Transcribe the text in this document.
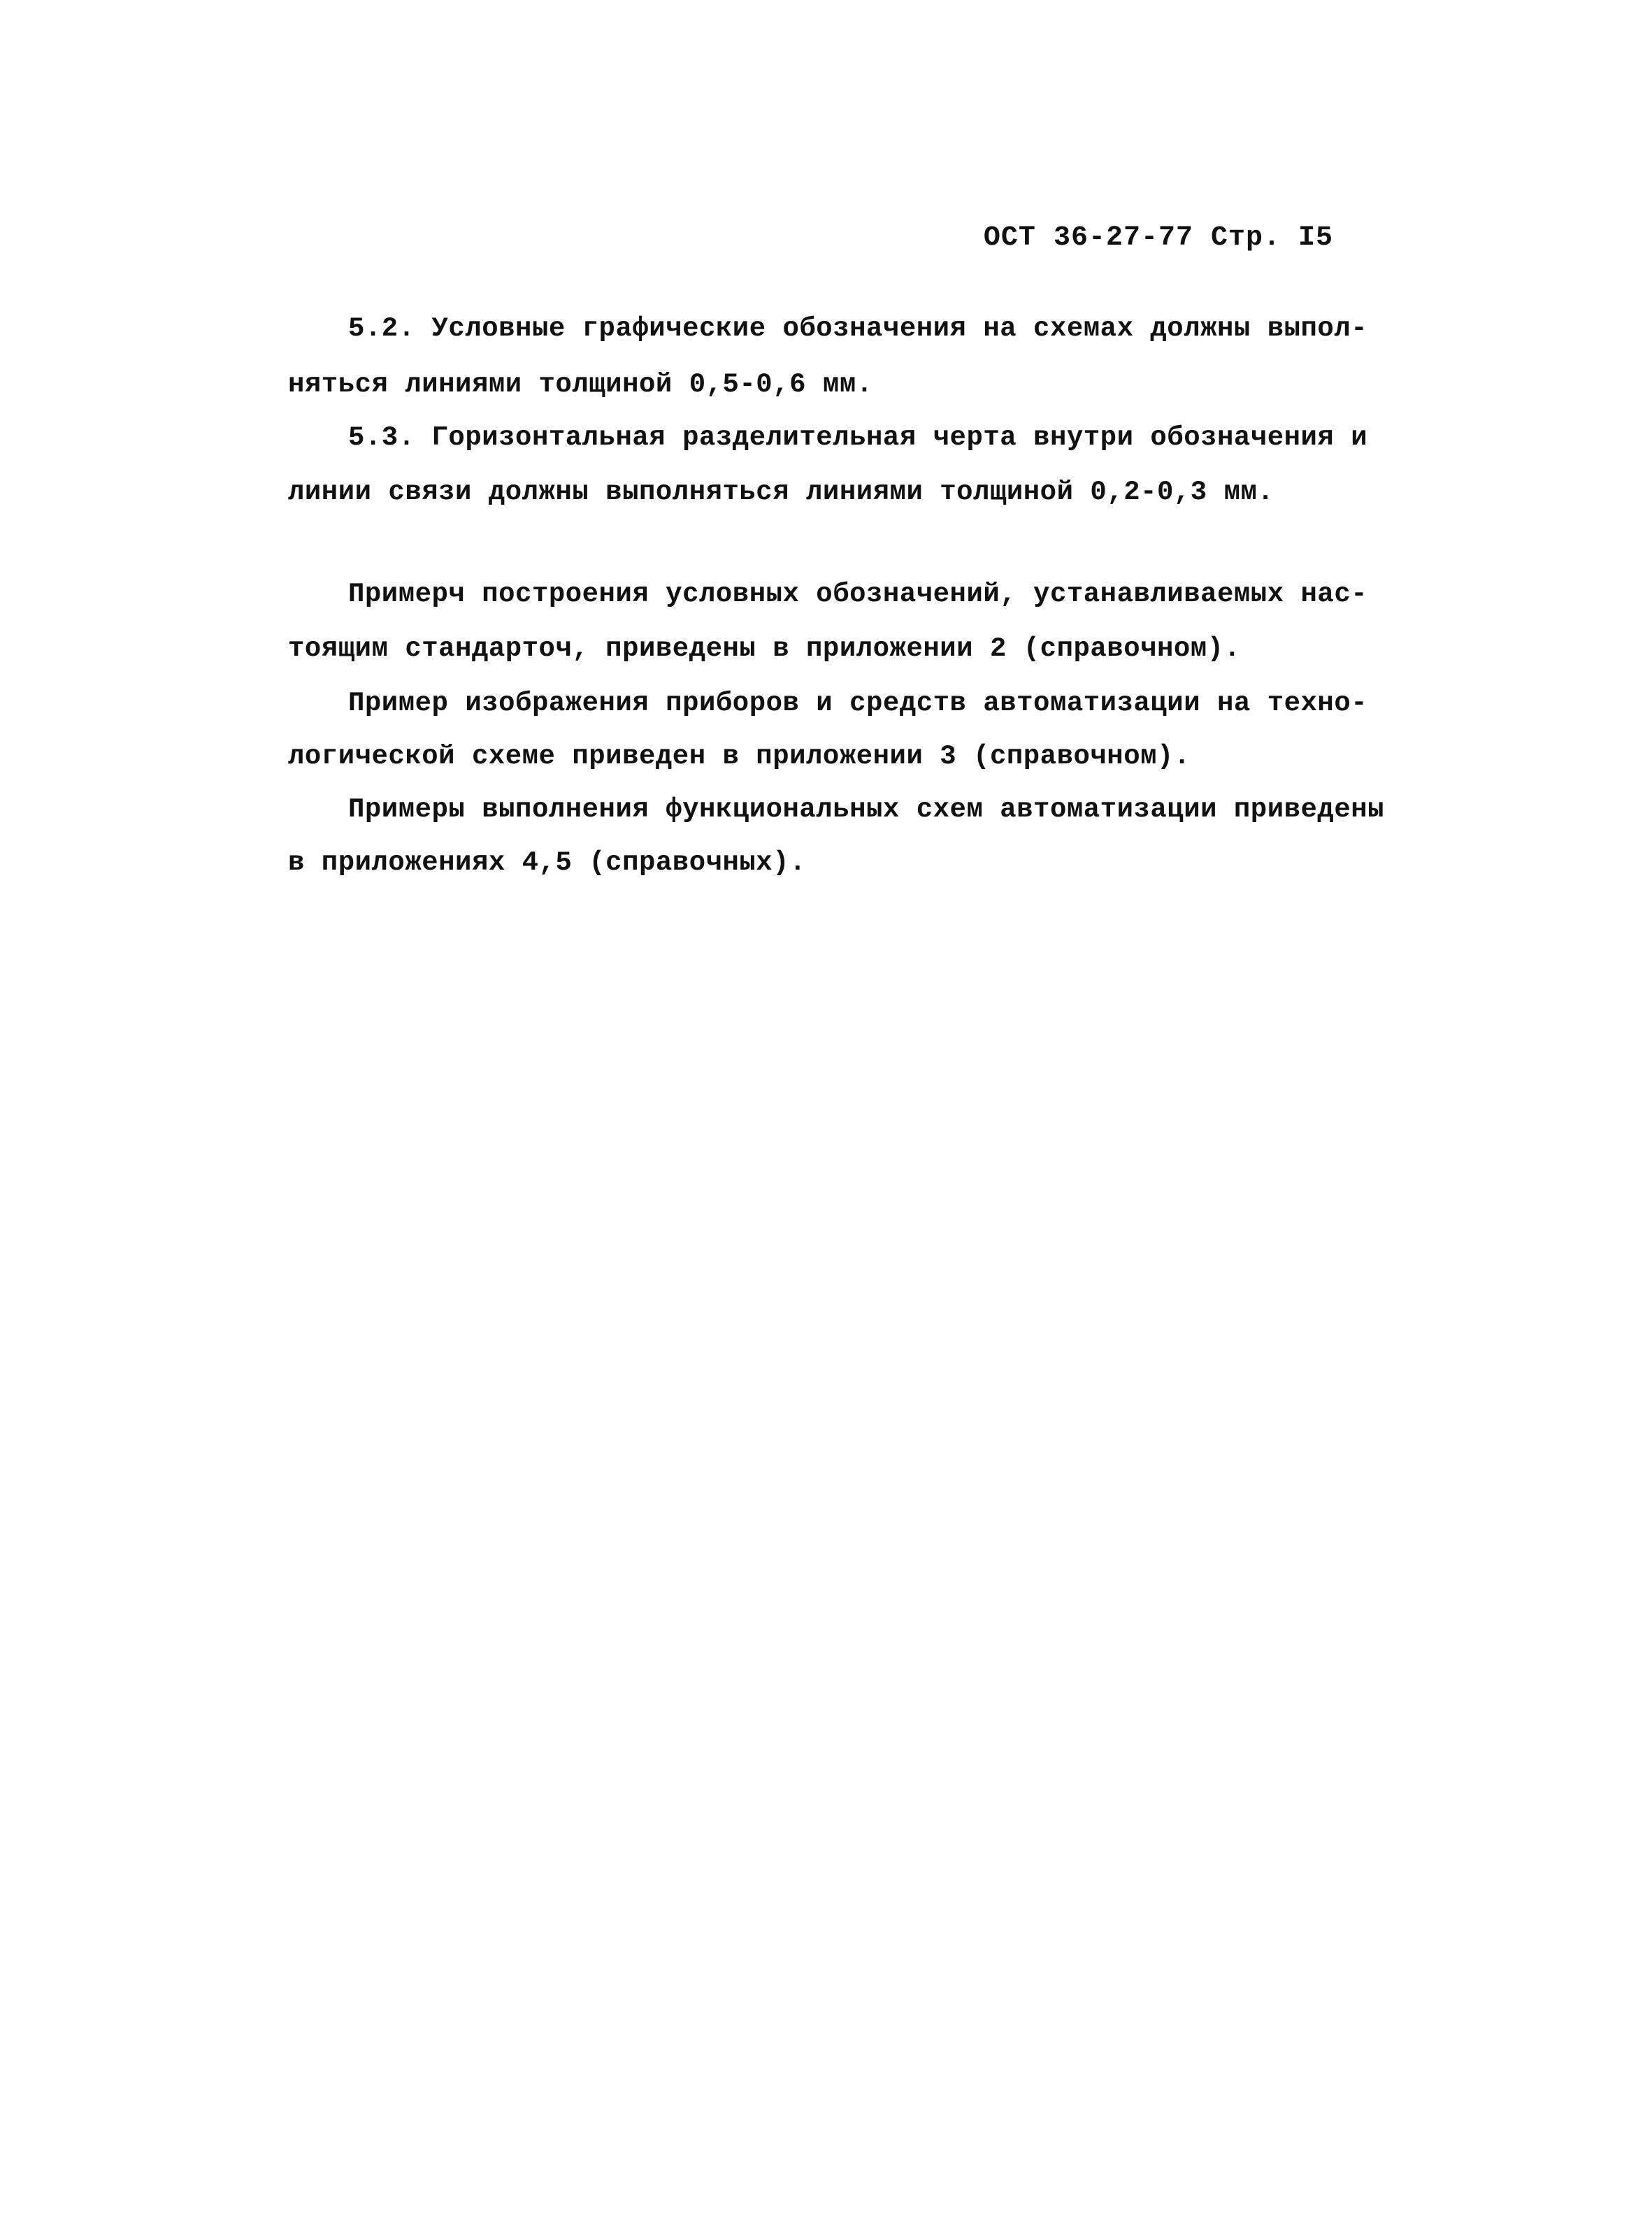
ОСТ 36-27-77 Стр. I5
5.2. Условные графические обозначения на схемах должны выпол-
няться линиями толщиной 0,5-0,6 мм.
5.3. Горизонтальная разделительная черта внутри обозначения и
линии связи должны выполняться линиями толщиной 0,2-0,3 мм.
Примерч построения условных обозначений, устанавливаемых нас-
тоящим стандарточ, приведены в приложении 2 (справочном).
Пример изображения приборов и средств автоматизации на техно-
логической схеме приведен в приложении 3 (справочном).
Примеры выполнения функциональных схем автоматизации приведены
в приложениях 4,5 (справочных).
